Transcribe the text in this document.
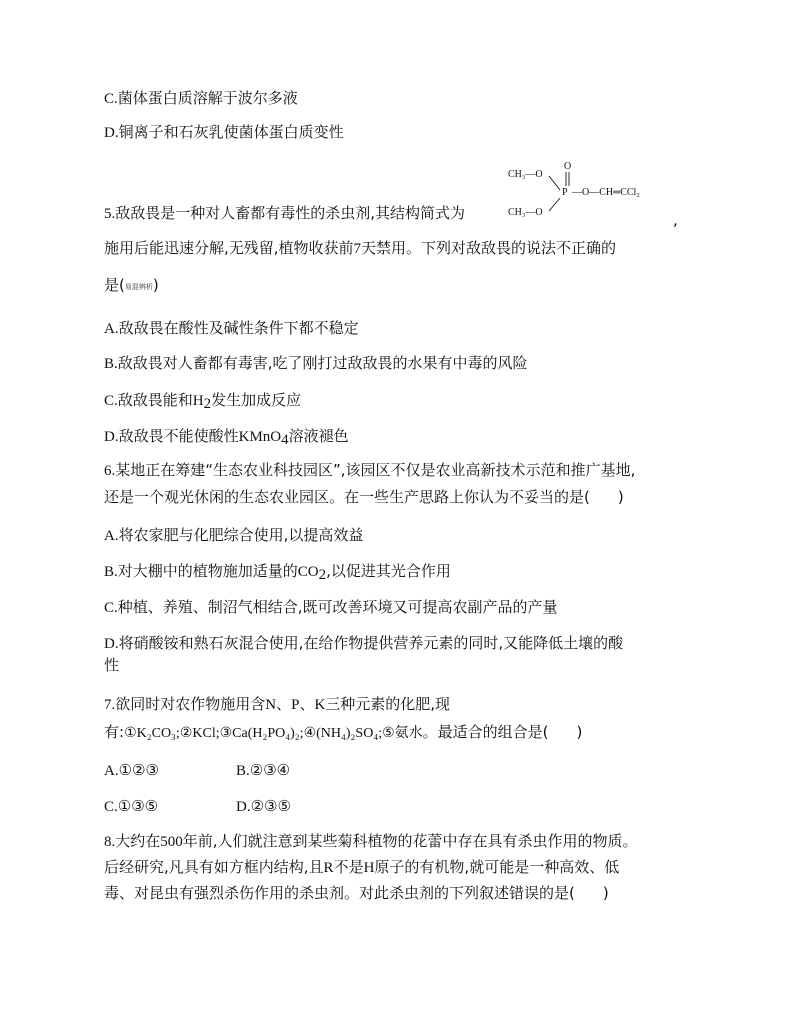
C.菌体蛋白质溶解于波尔多液
D.铜离子和石灰乳使菌体蛋白质变性
CH₃—O
O
P —O—CH═CCl₂
CH₃—O
5.敌敌畏是一种对人畜都有毒性的杀虫剂,其结构简式为	,
施用后能迅速分解,无残留,植物收获前7天禁用。下列对敌敌畏的说法不正确的
是(易混辨析)
A.敌敌畏在酸性及碱性条件下都不稳定
B.敌敌畏对人畜都有毒害,吃了刚打过敌敌畏的水果有中毒的风险
C.敌敌畏能和$H_2$发生加成反应
D.敌敌畏不能使酸性KMnO$_4$溶液褪色
6.某地正在筹建“生态农业科技园区”,该园区不仅是农业高新技术示范和推广基地,
还是一个观光休闲的生态农业园区。在一些生产思路上你认为不妥当的是( )
A.将农家肥与化肥综合使用,以提高效益
B.对大棚中的植物施加适量的$CO_2$,以促进其光合作用
C.种植、养殖、制沼气相结合,既可改善环境又可提高农副产品的产量
D.将硝酸铵和熟石灰混合使用,在给作物提供营养元素的同时,又能降低土壤的酸
性
7.欲同时对农作物施用含N、P、K三种元素的化肥,现
有:①K₂CO₃;②KCl;③Ca(H₂PO₄)₂;④(NH₄)₂SO₄;⑤氨水。最适合的组合是( )
A.①②③	B.②③④
C.①③⑤	D.②③⑤
8.大约在500年前,人们就注意到某些菊科植物的花蕾中存在具有杀虫作用的物质。
后经研究,凡具有如方框内结构,且R不是H原子的有机物,就可能是一种高效、低
毒、对昆虫有强烈杀伤作用的杀虫剂。对此杀虫剂的下列叙述错误的是( )
